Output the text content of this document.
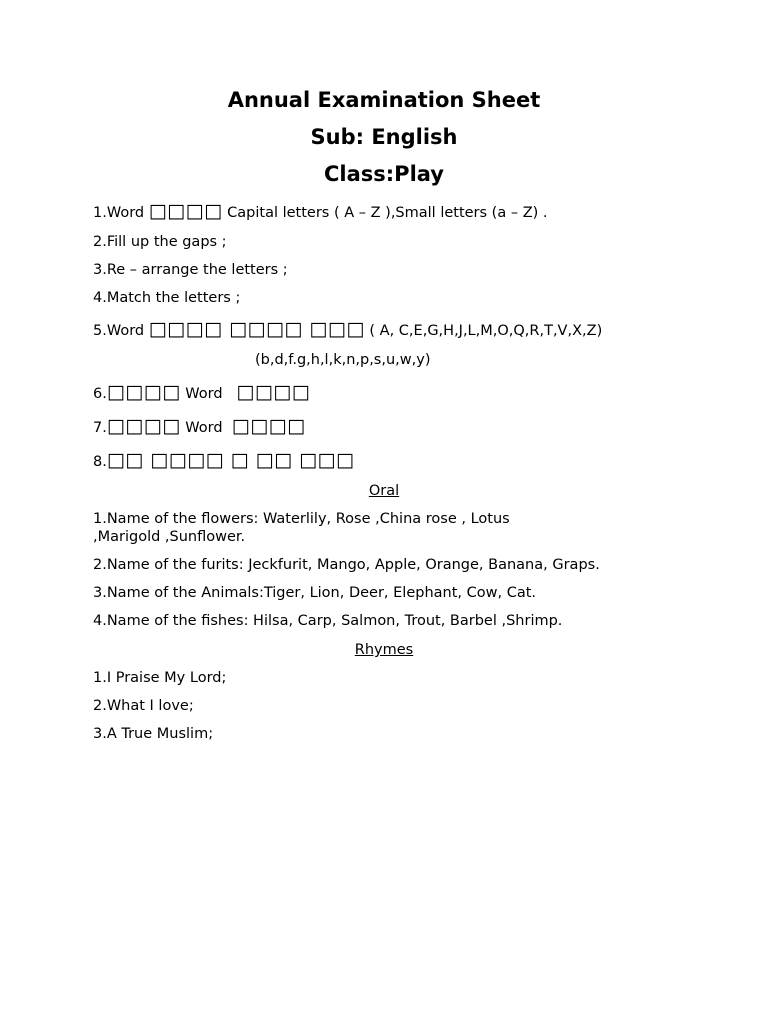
Annual Examination Sheet
Sub: English
Class:Play
1.Word □□□□ Capital letters ( A – Z ),Small letters (a – Z) .
2.Fill up the gaps ;
3.Re – arrange the letters ;
4.Match the letters ;
5.Word □□□□ □□□□ □□□ ( A, C,E,G,H,J,L,M,O,Q,R,T,V,X,Z)
(b,d,f.g,h,l,k,n,p,s,u,w,y)
6.□□□□ Word □□□□
7.□□□□ Word □□□□
8.□□ □□□□ □ □□ □□□
Oral
1.Name of the flowers: Waterlily, Rose ,China rose , Lotus ,Marigold ,Sunflower.
2.Name of the furits: Jeckfurit, Mango, Apple, Orange, Banana, Graps.
3.Name of the Animals:Tiger, Lion, Deer, Elephant, Cow, Cat.
4.Name of the fishes: Hilsa, Carp, Salmon, Trout, Barbel ,Shrimp.
Rhymes
1.I Praise My Lord;
2.What I love;
3.A True Muslim;
